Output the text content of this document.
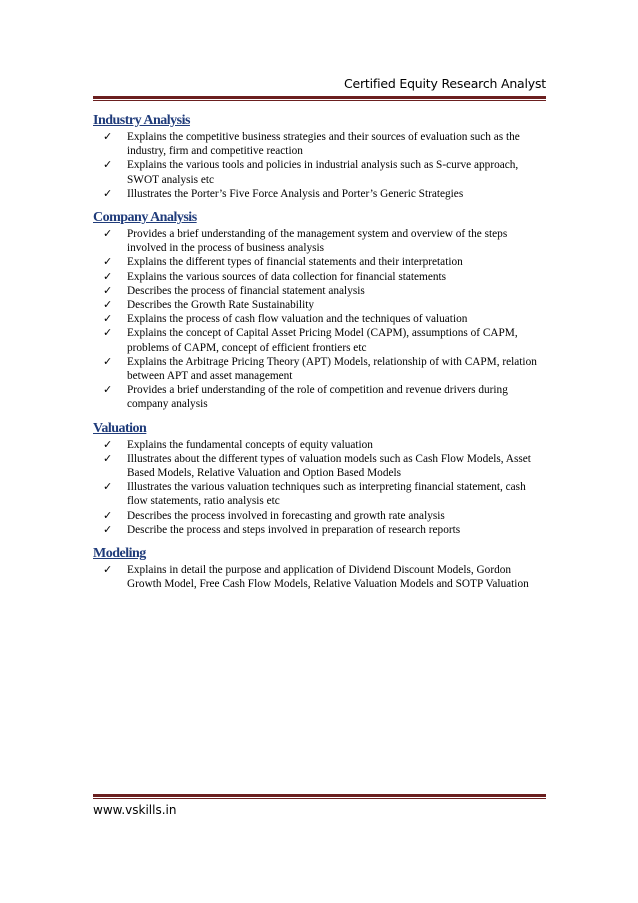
Certified Equity Research Analyst
Industry Analysis
✓ Explains the competitive business strategies and their sources of evaluation such as the industry, firm and competitive reaction
✓ Explains the various tools and policies in industrial analysis such as S-curve approach, SWOT analysis etc
✓ Illustrates the Porter’s Five Force Analysis and Porter’s Generic Strategies
Company Analysis
✓ Provides a brief understanding of the management system and overview of the steps involved in the process of business analysis
✓ Explains the different types of financial statements and their interpretation
✓ Explains the various sources of data collection for financial statements
✓ Describes the process of financial statement analysis
✓ Describes the Growth Rate Sustainability
✓ Explains the process of cash flow valuation and the techniques of valuation
✓ Explains the concept of Capital Asset Pricing Model (CAPM), assumptions of CAPM, problems of CAPM, concept of efficient frontiers etc
✓ Explains the Arbitrage Pricing Theory (APT) Models, relationship of with CAPM, relation between APT and asset management
✓ Provides a brief understanding of the role of competition and revenue drivers during company analysis
Valuation
✓ Explains the fundamental concepts of equity valuation
✓ Illustrates about the different types of valuation models such as Cash Flow Models, Asset Based Models, Relative Valuation and Option Based Models
✓ Illustrates the various valuation techniques such as interpreting financial statement, cash flow statements, ratio analysis etc
✓ Describes the process involved in forecasting and growth rate analysis
✓ Describe the process and steps involved in preparation of research reports
Modeling
✓ Explains in detail the purpose and application of Dividend Discount Models, Gordon Growth Model, Free Cash Flow Models, Relative Valuation Models and SOTP Valuation
www.vskills.in
